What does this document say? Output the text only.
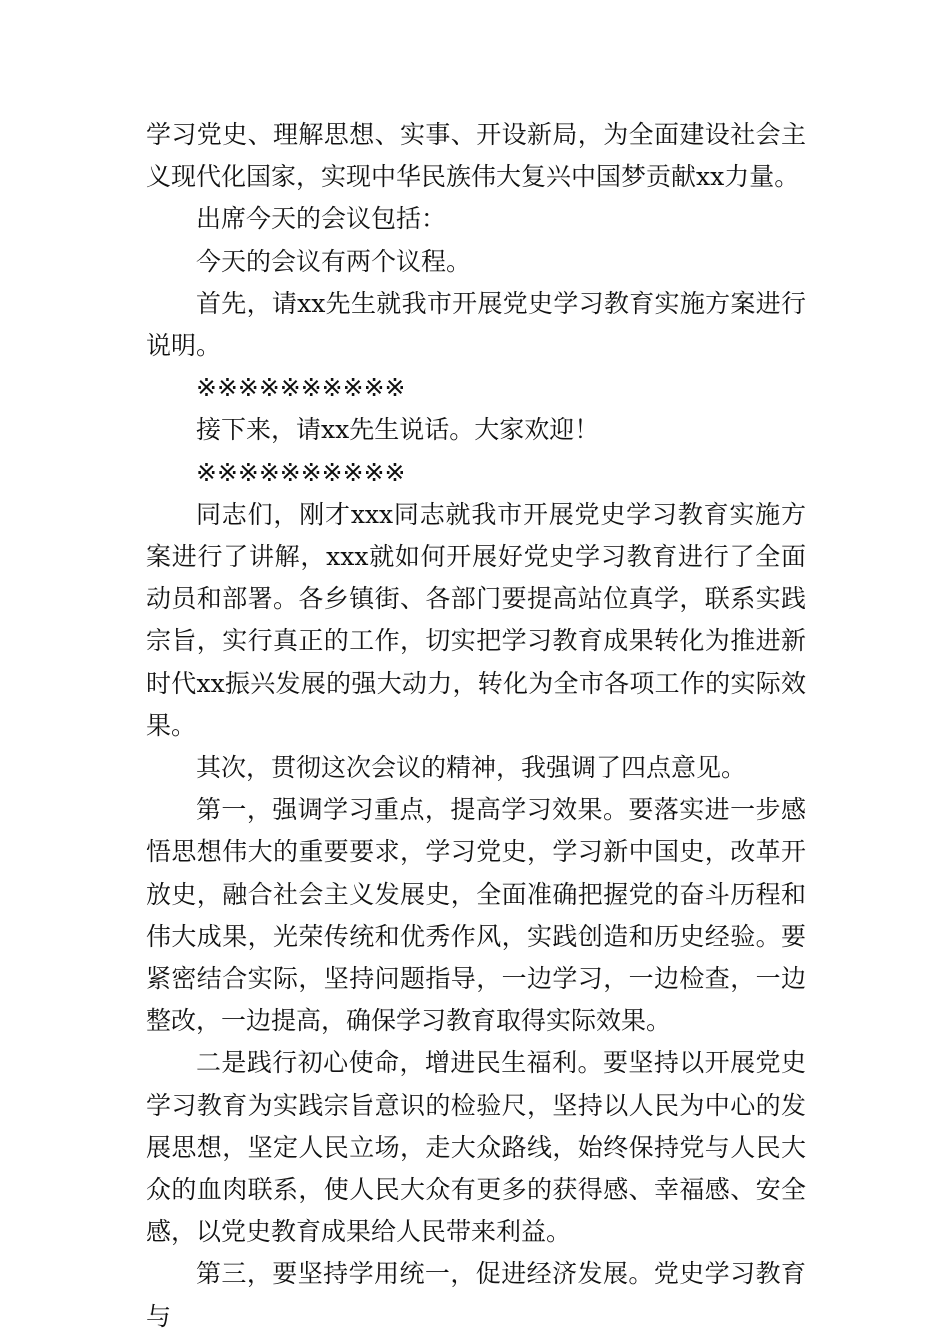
学习党史、理解思想、实事、开设新局，为全面建设社会主义现代化国家，实现中华民族伟大复兴中国梦贡献xx力量。

出席今天的会议包括：

今天的会议有两个议程。

首先，请xx先生就我市开展党史学习教育实施方案进行说明。

※※※※※※※※※※

接下来，请xx先生说话。大家欢迎！

※※※※※※※※※※

同志们，刚才xxx同志就我市开展党史学习教育实施方案进行了讲解，xxx就如何开展好党史学习教育进行了全面动员和部署。各乡镇街、各部门要提高站位真学，联系实践宗旨，实行真正的工作，切实把学习教育成果转化为推进新时代xx振兴发展的强大动力，转化为全市各项工作的实际效果。

其次，贯彻这次会议的精神，我强调了四点意见。

第一，强调学习重点，提高学习效果。要落实进一步感悟思想伟大的重要要求，学习党史，学习新中国史，改革开放史，融合社会主义发展史，全面准确把握党的奋斗历程和伟大成果，光荣传统和优秀作风，实践创造和历史经验。要紧密结合实际，坚持问题指导，一边学习，一边检查，一边整改，一边提高，确保学习教育取得实际效果。

二是践行初心使命，增进民生福利。要坚持以开展党史学习教育为实践宗旨意识的检验尺，坚持以人民为中心的发展思想，坚定人民立场，走大众路线，始终保持党与人民大众的血肉联系，使人民大众有更多的获得感、幸福感、安全感，以党史教育成果给人民带来利益。

第三，要坚持学用统一，促进经济发展。党史学习教育与
